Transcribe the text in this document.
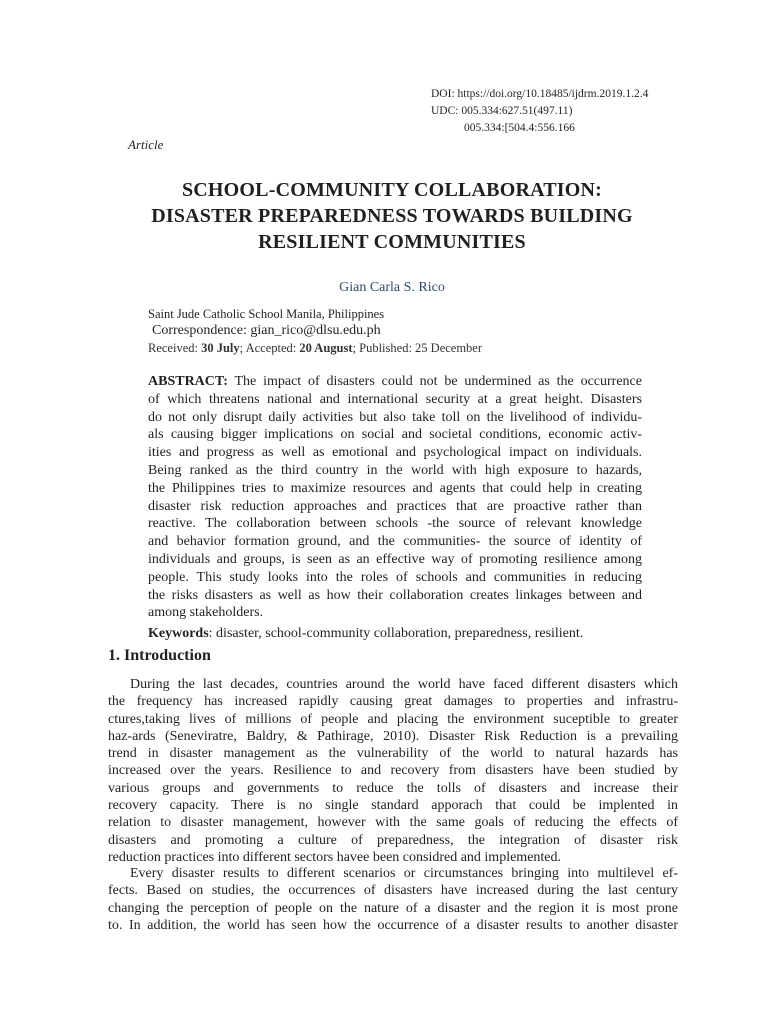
DOI: https://doi.org/10.18485/ijdrm.2019.1.2.4
UDC: 005.334:627.51(497.11)
005.334:[504.4:556.166
Article
SCHOOL-COMMUNITY COLLABORATION:
DISASTER PREPAREDNESS TOWARDS BUILDING
RESILIENT COMMUNITIES
Gian Carla S. Rico
Saint Jude Catholic School Manila, Philippines
Correspondence: gian_rico@dlsu.edu.ph
Received: 30 July; Accepted: 20 August; Published: 25 December
ABSTRACT: The impact of disasters could not be undermined as the occurrence
of which threatens national and international security at a great height. Disasters
do not only disrupt daily activities but also take toll on the livelihood of individu-
als causing bigger implications on social and societal conditions, economic activ-
ities and progress as well as emotional and psychological impact on individuals.
Being ranked as the third country in the world with high exposure to hazards,
the Philippines tries to maximize resources and agents that could help in creating
disaster risk reduction approaches and practices that are proactive rather than
reactive. The collaboration between schools -the source of relevant knowledge
and behavior formation ground, and the communities- the source of identity of
individuals and groups, is seen as an effective way of promoting resilience among
people. This study looks into the roles of schools and communities in reducing
the risks disasters as well as how their collaboration creates linkages between and
among stakeholders.
Keywords: disaster, school-community collaboration, preparedness, resilient.
1. Introduction
During the last decades, countries around the world have faced different disasters which
the frequency has increased rapidly causing great damages to properties and infrastru-
ctures,taking lives of millions of people and placing the environment suceptible to greater
haz-ards (Seneviratre, Baldry, & Pathirage, 2010). Disaster Risk Reduction is a prevailing
trend in disaster management as the vulnerability of the world to natural hazards has
increased over the years. Resilience to and recovery from disasters have been studied by
various groups and governments to reduce the tolls of disasters and increase their
recovery capacity. There is no single standard apporach that could be implented in
relation to disaster management, however with the same goals of reducing the effects of
disasters and promoting a culture of preparedness, the integration of disaster risk
reduction practices into different sectors havee been considred and implemented.
Every disaster results to different scenarios or circumstances bringing into multilevel ef-
fects. Based on studies, the occurrences of disasters have increased during the last century
changing the perception of people on the nature of a disaster and the region it is most prone
to. In addition, the world has seen how the occurrence of a disaster results to another disaster
